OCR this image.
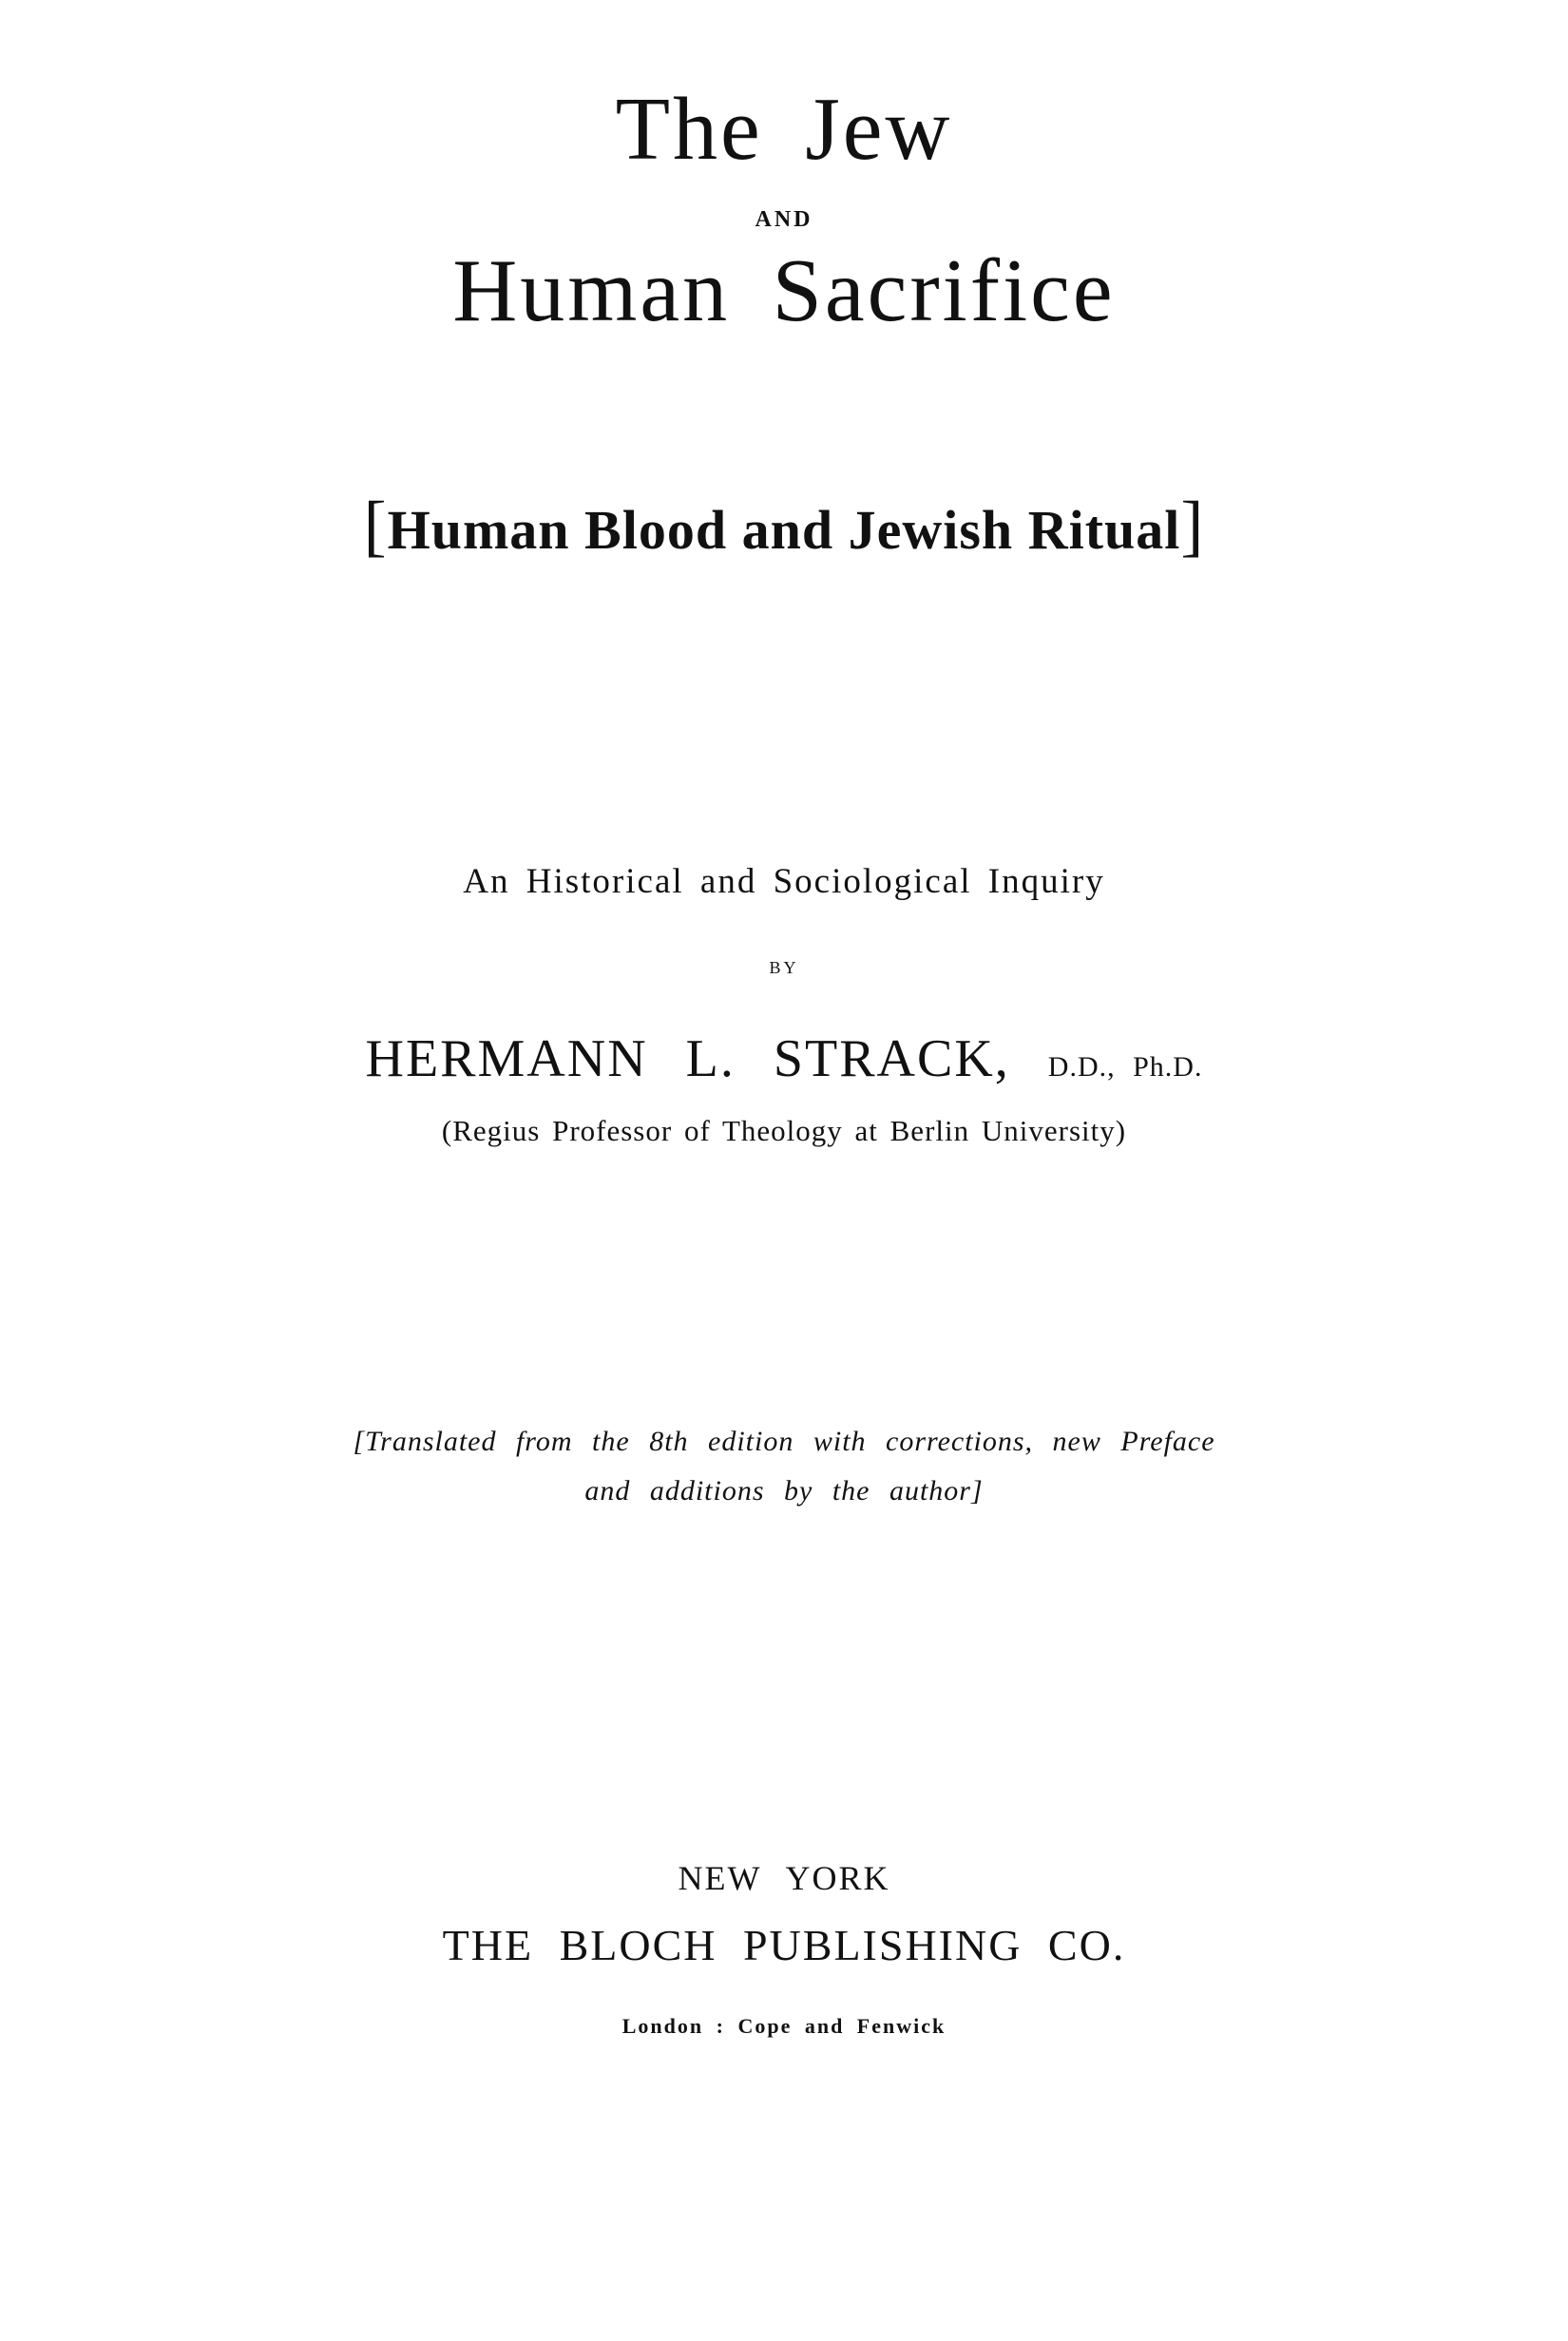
The Jew
AND
Human Sacrifice
[Human Blood and Jewish Ritual]
An Historical and Sociological Inquiry
BY
HERMANN L. STRACK, D.D., Ph.D.
(Regius Professor of Theology at Berlin University)
[Translated from the 8th edition with corrections, new Preface
and additions by the author]
NEW YORK
THE BLOCH PUBLISHING CO.
London : Cope and Fenwick
